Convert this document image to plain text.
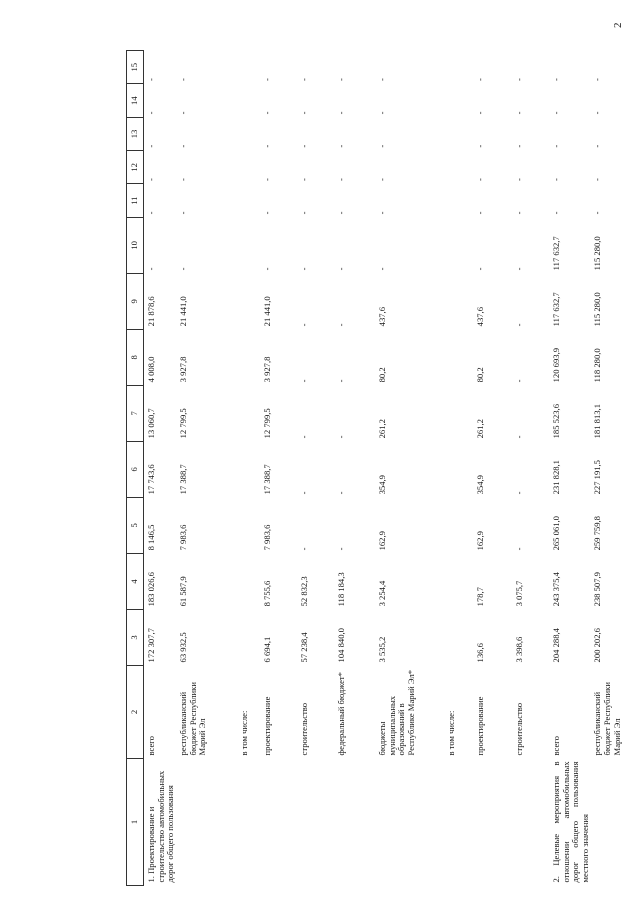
2
1	2	3	4	5	6	7	8	9	10	11	12	13	14	15
1. Проектирование и строительство автомобильных дорог общего пользования	всего	172 307,7	183 026,6	8 146,5	17 743,6	13 060,7	4 008,0	21 878,6	-	-	-	-	-	-
	республиканский бюджет Республики Марий Эл	63 932,5	61 587,9	7 983,6	17 388,7	12 799,5	3 927,8	21 441,0	-	-	-	-	-	-
	в том числе:													
	проектирование	6 694,1	8 755,6	7 983,6	17 388,7	12 799,5	3 927,8	21 441,0	-	-	-	-	-	-
	строительство	57 238,4	52 832,3	-	-	-	-	-	-	-	-	-	-	-
	федеральный бюджет*	104 840,0	118 184,3	-	-	-	-	-	-	-	-	-	-	-
	бюджеты муниципальных образований в Республике Марий Эл*	3 535,2	3 254,4	162,9	354,9	261,2	80,2	437,6	-	-	-	-	-	-
	в том числе:													
	проектирование	136,6	178,7	162,9	354,9	261,2	80,2	437,6	-	-	-	-	-	-
	строительство	3 398,6	3 075,7	-	-	-	-	-	-	-	-	-	-	-
2. Целевые мероприятия в отношении автомобильных дорог общего пользования местного значения	всего	204 288,4	243 375,4	265 061,0	231 828,1	185 523,6	120 693,9	117 632,7	117 632,7	-	-	-	-	-
	республиканский бюджет Республики Марий Эл	200 202,6	238 507,9	259 759,8	227 191,5	181 813,1	118 280,0	115 280,0	115 280,0	-	-	-	-	-
